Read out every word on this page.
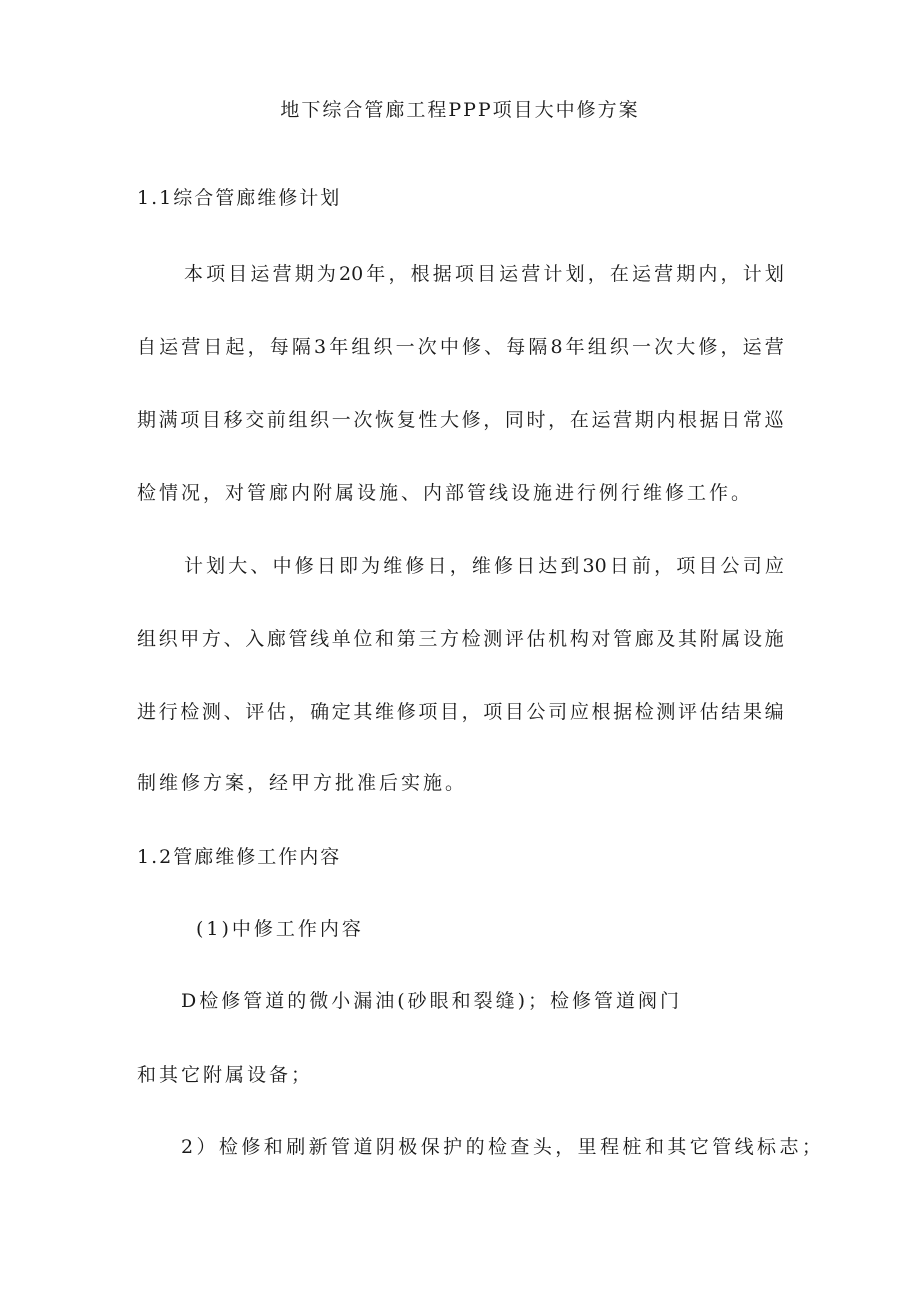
地下综合管廊工程PPP项目大中修方案
1.1综合管廊维修计划
本 项 目 运 营 期 为 20 年 ， 根 据 项 目 运 营 计 划 ， 在 运 营 期 内 ， 计 划
自 运 营 日 起 ， 每 隔 3 年 组 织 一 次 中 修 、 每 隔 8 年 组 织 一 次 大 修 ， 运 营
期 满 项 目 移 交 前 组 织 一 次 恢 复 性 大 修 ， 同 时 ， 在 运 营 期 内 根 据 日 常 巡
检情况，对管廊内附属设施、内部管线设施进行例行维修工作。
计 划 大 、 中 修 日 即 为 维 修 日 ， 维 修 日 达 到 30 日 前 ， 项 目 公 司 应
组 织 甲 方 、 入 廊 管 线 单 位 和 第 三 方 检 测 评 估 机 构 对 管 廊 及 其 附 属 设 施
进 行 检 测 、 评 估 ， 确 定 其 维 修 项 目 ， 项 目 公 司 应 根 据 检 测 评 估 结 果 编
制维修方案，经甲方批准后实施。
1.2管廊维修工作内容
(1)中修工作内容
D检修管道的微小漏油(砂眼和裂缝)；检修管道阀门
和其它附属设备；
2 ） 检 修 和 刷 新 管 道 阴 极 保 护 的 检 查 头 ， 里 程 桩 和 其 它 管 线 标 志 ；
